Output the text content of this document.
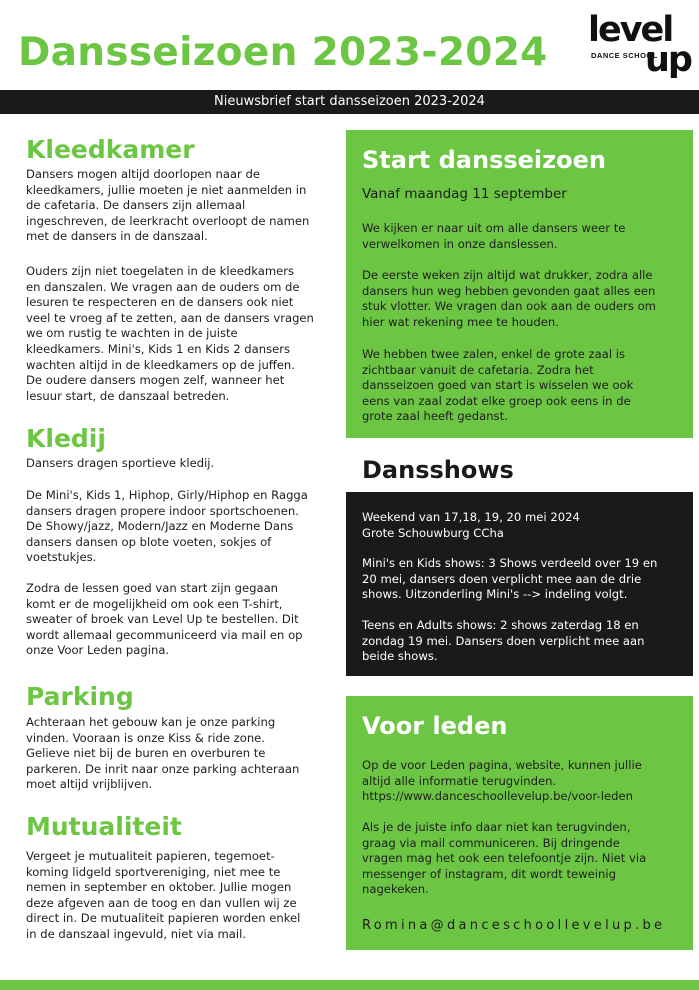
Dansseizoen 2023-2024 level
DANCE SCHOOL
up
Nieuwsbrief start dansseizoen 2023-2024
Kleedkamer
Dansers mogen altijd doorlopen naar de
kleedkamers, jullie moeten je niet aanmelden in
de cafetaria. De dansers zijn allemaal
ingeschreven, de leerkracht overloopt de namen
met de dansers in de danszaal.
Ouders zijn niet toegelaten in de kleedkamers
en danszalen. We vragen aan de ouders om de
lesuren te respecteren en de dansers ook niet
veel te vroeg af te zetten, aan de dansers vragen
we om rustig te wachten in de juiste
kleedkamers. Mini's, Kids 1 en Kids 2 dansers
wachten altijd in de kleedkamers op de juffen.
De oudere dansers mogen zelf, wanneer het
lesuur start, de danszaal betreden.
Kledij
Dansers dragen sportieve kledij.
De Mini's, Kids 1, Hiphop, Girly/Hiphop en Ragga
dansers dragen propere indoor sportschoenen.
De Showy/jazz, Modern/Jazz en Moderne Dans
dansers dansen op blote voeten, sokjes of
voetstukjes.
Zodra de lessen goed van start zijn gegaan
komt er de mogelijkheid om ook een T-shirt,
sweater of broek van Level Up te bestellen. Dit
wordt allemaal gecommuniceerd via mail en op
onze Voor Leden pagina.
Parking
Achteraan het gebouw kan je onze parking
vinden. Vooraan is onze Kiss & ride zone.
Gelieve niet bij de buren en overburen te
parkeren. De inrit naar onze parking achteraan
moet altijd vrijblijven.
Mutualiteit
Vergeet je mutualiteit papieren, tegemoet-
koming lidgeld sportvereniging, niet mee te
nemen in september en oktober. Jullie mogen
deze afgeven aan de toog en dan vullen wij ze
direct in. De mutualiteit papieren worden enkel
in de danszaal ingevuld, niet via mail.
Start dansseizoen
Vanaf maandag 11 september
We kijken er naar uit om alle dansers weer te
verwelkomen in onze danslessen.
De eerste weken zijn altijd wat drukker, zodra alle
dansers hun weg hebben gevonden gaat alles een
stuk vlotter. We vragen dan ook aan de ouders om
hier wat rekening mee te houden.
We hebben twee zalen, enkel de grote zaal is
zichtbaar vanuit de cafetaria. Zodra het
dansseizoen goed van start is wisselen we ook
eens van zaal zodat elke groep ook eens in de
grote zaal heeft gedanst.
Dansshows
Weekend van 17,18, 19, 20 mei 2024
Grote Schouwburg CCha
Mini's en Kids shows: 3 Shows verdeeld over 19 en
20 mei, dansers doen verplicht mee aan de drie
shows. Uitzonderling Mini's --> indeling volgt.
Teens en Adults shows: 2 shows zaterdag 18 en
zondag 19 mei. Dansers doen verplicht mee aan
beide shows.
Voor leden
Op de voor Leden pagina, website, kunnen jullie
altijd alle informatie terugvinden.
https://www.danceschoollevelup.be/voor-leden
Als je de juiste info daar niet kan terugvinden,
graag via mail communiceren. Bij dringende
vragen mag het ook een telefoontje zijn. Niet via
messenger of instagram, dit wordt teweinig
nagekeken.
Romina@danceschoollevelup.be
